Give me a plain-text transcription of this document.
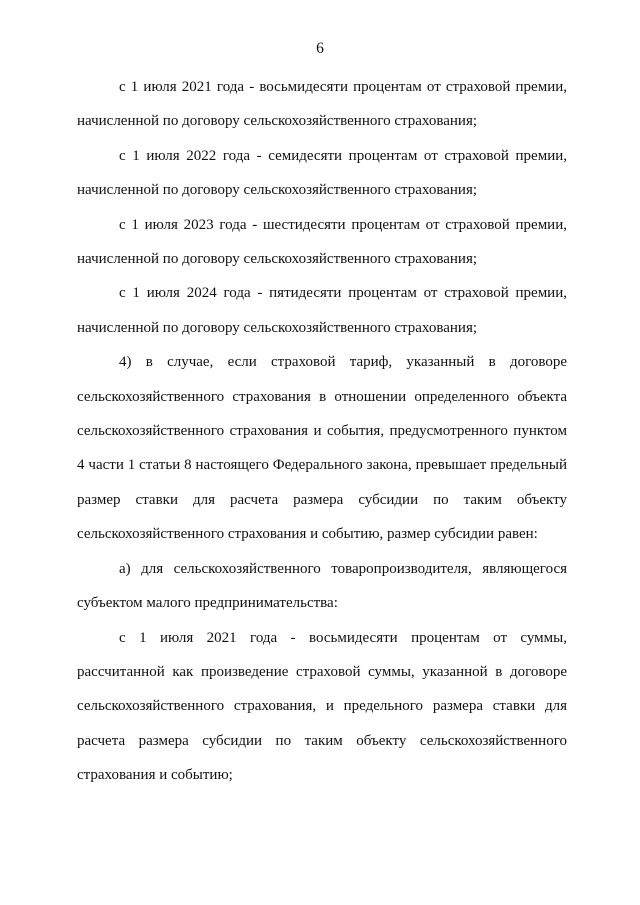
6

с 1 июля 2021 года - восьмидесяти процентам от страховой премии, начисленной по договору сельскохозяйственного страхования;

с 1 июля 2022 года - семидесяти процентам от страховой премии, начисленной по договору сельскохозяйственного страхования;

с 1 июля 2023 года - шестидесяти процентам от страховой премии, начисленной по договору сельскохозяйственного страхования;

с 1 июля 2024 года - пятидесяти процентам от страховой премии, начисленной по договору сельскохозяйственного страхования;

4) в случае, если страховой тариф, указанный в договоре сельскохозяйственного страхования в отношении определенного объекта сельскохозяйственного страхования и события, предусмотренного пунктом 4 части 1 статьи 8 настоящего Федерального закона, превышает предельный размер ставки для расчета размера субсидии по таким объекту сельскохозяйственного страхования и событию, размер субсидии равен:

а) для сельскохозяйственного товаропроизводителя, являющегося субъектом малого предпринимательства:

с 1 июля 2021 года - восьмидесяти процентам от суммы, рассчитанной как произведение страховой суммы, указанной в договоре сельскохозяйственного страхования, и предельного размера ставки для расчета размера субсидии по таким объекту сельскохозяйственного страхования и событию;
